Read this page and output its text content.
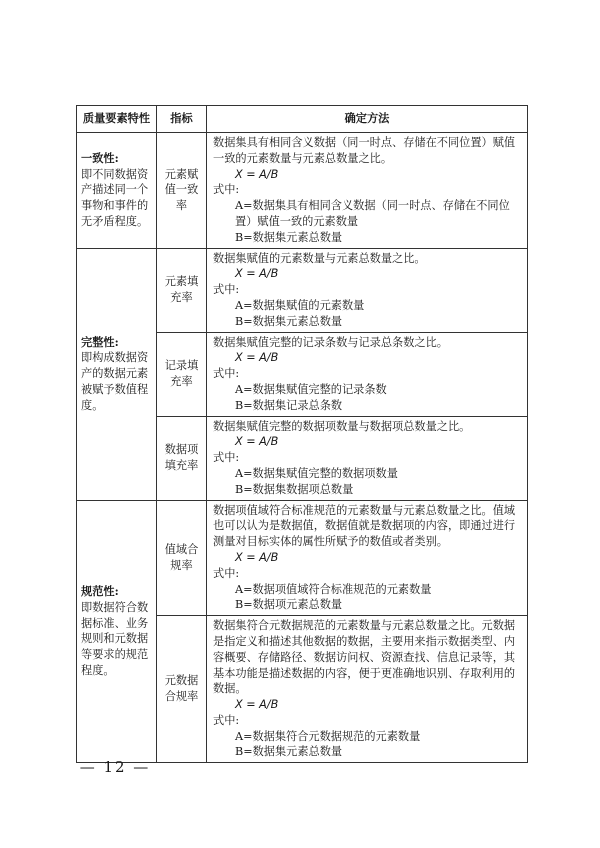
质量要素特性	指标	确定方法

一致性:
即不同数据资产描述同一个事物和事件的无矛盾程度。	元素赋值一致率	数据集具有相同含义数据（同一时点、存储在不同位置）赋值一致的元素数量与元素总数量之比。
X = A/B
式中:
A=数据集具有相同含义数据（同一时点、存储在不同位置）赋值一致的元素数量
B=数据集元素总数量

完整性:
即构成数据资产的数据元素被赋予数值程度。	元素填充率	数据集赋值的元素数量与元素总数量之比。
X = A/B
式中:
A=数据集赋值的元素数量
B=数据集元素总数量

	记录填充率	数据集赋值完整的记录条数与记录总条数之比。
X = A/B
式中:
A=数据集赋值完整的记录条数
B=数据集记录总条数

	数据项填充率	数据集赋值完整的数据项数量与数据项总数量之比。
X = A/B
式中:
A=数据集赋值完整的数据项数量
B=数据集数据项总数量

规范性:
即数据符合数据标准、业务规则和元数据等要求的规范程度。	值域合规率	数据项值域符合标准规范的元素数量与元素总数量之比。值域也可以认为是数据值，数据值就是数据项的内容，即通过进行测量对目标实体的属性所赋予的数值或者类别。
X = A/B
式中:
A=数据项值域符合标准规范的元素数量
B=数据项元素总数量

	元数据合规率	数据集符合元数据规范的元素数量与元素总数量之比。元数据是指定义和描述其他数据的数据，主要用来指示数据类型、内容概要、存储路径、数据访问权、资源查找、信息记录等，其基本功能是描述数据的内容，便于更准确地识别、存取利用的数据。
X = A/B
式中:
A=数据集符合元数据规范的元素数量
B=数据集元素总数量
— 12 —
